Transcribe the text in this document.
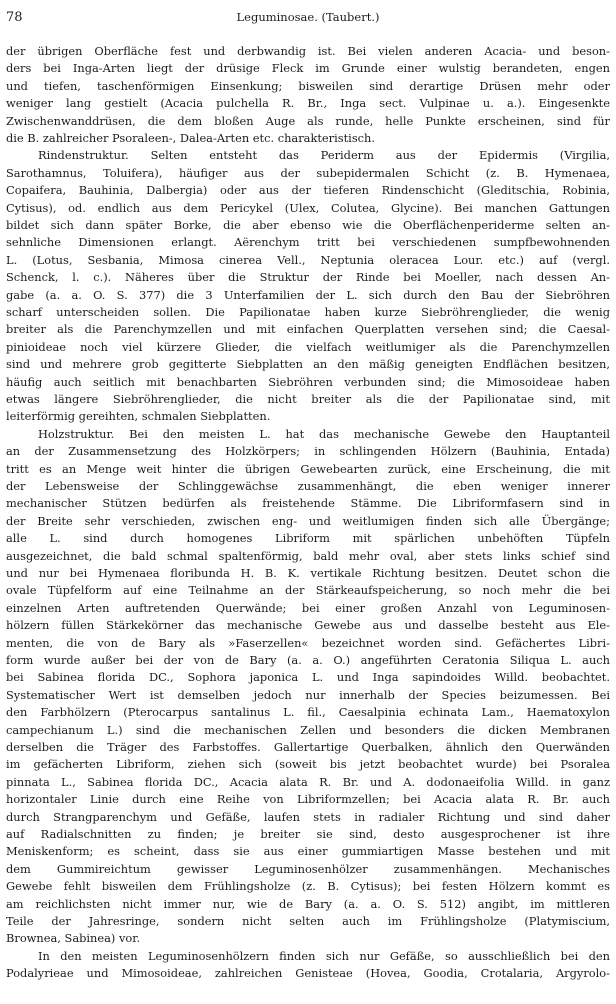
78	Leguminosae. (Taubert.)
der übrigen Oberfläche fest und derbwandig ist. Bei vielen anderen Acacia- und beson-
ders bei Inga-Arten liegt der drüsige Fleck im Grunde einer wulstig berandeten, engen
und tiefen, taschenförmigen Einsenkung; bisweilen sind derartige Drüsen mehr oder
weniger lang gestielt (Acacia pulchella R. Br., Inga sect. Vulpinae u. a.). Eingesenkte
Zwischenwanddrüsen, die dem bloßen Auge als runde, helle Punkte erscheinen, sind für
die B. zahlreicher Psoraleen-, Dalea-Arten etc. charakteristisch.
Rindenstruktur. Selten entsteht das Periderm aus der Epidermis (Virgilia,
Sarothamnus, Toluifera), häufiger aus der subepidermalen Schicht (z. B. Hymenaea,
Copaifera, Bauhinia, Dalbergia) oder aus der tieferen Rindenschicht (Gleditschia, Robinia,
Cytisus), od. endlich aus dem Pericykel (Ulex, Colutea, Glycine). Bei manchen Gattungen
bildet sich dann später Borke, die aber ebenso wie die Oberflächenperiderme selten an-
sehnliche Dimensionen erlangt. Aërenchym tritt bei verschiedenen sumpfbewohnenden
L. (Lotus, Sesbania, Mimosa cinerea Vell., Neptunia oleracea Lour. etc.) auf (vergl.
Schenck, l. c.). Näheres über die Struktur der Rinde bei Moeller, nach dessen An-
gabe (a. a. O. S. 377) die 3 Unterfamilien der L. sich durch den Bau der Siebröhren
scharf unterscheiden sollen. Die Papilionatae haben kurze Siebröhrenglieder, die wenig
breiter als die Parenchymzellen und mit einfachen Querplatten versehen sind; die Caesal-
pinioideae noch viel kürzere Glieder, die vielfach weitlumiger als die Parenchymzellen
sind und mehrere grob gegitterte Siebplatten an den mäßig geneigten Endflächen besitzen,
häufig auch seitlich mit benachbarten Siebröhren verbunden sind; die Mimosoideae haben
etwas längere Siebröhrenglieder, die nicht breiter als die der Papilionatae sind, mit
leiterförmig gereihten, schmalen Siebplatten.
Holzstruktur. Bei den meisten L. hat das mechanische Gewebe den Hauptanteil
an der Zusammensetzung des Holzkörpers; in schlingenden Hölzern (Bauhinia, Entada)
tritt es an Menge weit hinter die übrigen Gewebearten zurück, eine Erscheinung, die mit
der Lebensweise der Schlinggewächse zusammenhängt, die eben weniger innerer
mechanischer Stützen bedürfen als freistehende Stämme. Die Libriformfasern sind in
der Breite sehr verschieden, zwischen eng- und weitlumigen finden sich alle Übergänge;
alle L. sind durch homogenes Libriform mit spärlichen unbehöften Tüpfeln
ausgezeichnet, die bald schmal spaltenförmig, bald mehr oval, aber stets links schief sind
und nur bei Hymenaea floribunda H. B. K. vertikale Richtung besitzen. Deutet schon die
ovale Tüpfelform auf eine Teilnahme an der Stärkeaufspeicherung, so noch mehr die bei
einzelnen Arten auftretenden Querwände; bei einer großen Anzahl von Leguminosen-
hölzern füllen Stärkekörner das mechanische Gewebe aus und dasselbe besteht aus Ele-
menten, die von de Bary als »Faserzellen« bezeichnet worden sind. Gefächertes Libri-
form wurde außer bei der von de Bary (a. a. O.) angeführten Ceratonia Siliqua L. auch
bei Sabinea florida DC., Sophora japonica L. und Inga sapindoides Willd. beobachtet.
Systematischer Wert ist demselben jedoch nur innerhalb der Species beizumessen. Bei
den Farbhölzern (Pterocarpus santalinus L. fil., Caesalpinia echinata Lam., Haematoxylon
campechianum L.) sind die mechanischen Zellen und besonders die dicken Membranen
derselben die Träger des Farbstoffes. Gallertartige Querbalken, ähnlich den Querwänden
im gefächerten Libriform, ziehen sich (soweit bis jetzt beobachtet wurde) bei Psoralea
pinnata L., Sabinea florida DC., Acacia alata R. Br. und A. dodonaeifolia Willd. in ganz
horizontaler Linie durch eine Reihe von Libriformzellen; bei Acacia alata R. Br. auch
durch Strangparenchym und Gefäße, laufen stets in radialer Richtung und sind daher
auf Radialschnitten zu finden; je breiter sie sind, desto ausgesprochener ist ihre
Meniskenform; es scheint, dass sie aus einer gummiartigen Masse bestehen und mit
dem Gummireichtum gewisser Leguminosenhölzer zusammenhängen. Mechanisches
Gewebe fehlt bisweilen dem Frühlingsholze (z. B. Cytisus); bei festen Hölzern kommt es
am reichlichsten nicht immer nur, wie de Bary (a. a. O. S. 512) angibt, im mittleren
Teile der Jahresringe, sondern nicht selten auch im Frühlingsholze (Platymiscium,
Browneа, Sabinea) vor.
In den meisten Leguminosenhölzern finden sich nur Gefäße, so ausschließlich bei den
Podalyrieae und Mimosoideae, zahlreichen Genisteae (Hovea, Goodia, Crotalaria, Argyrolo-
